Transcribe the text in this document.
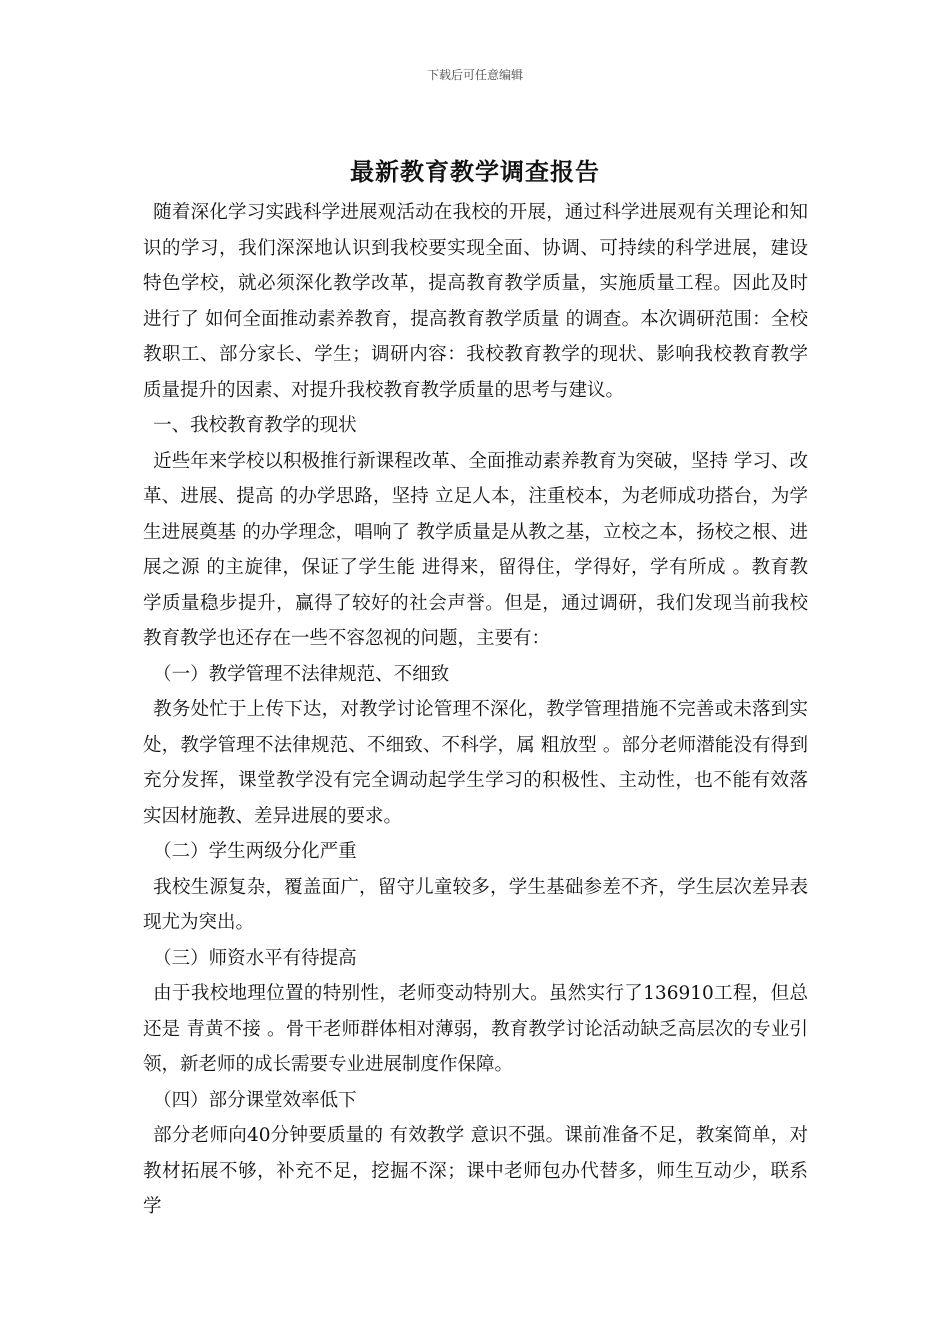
下载后可任意编辑
最新教育教学调查报告

随着深化学习实践科学进展观活动在我校的开展，通过科学进展观有关理论和知识的学习，我们深深地认识到我校要实现全面、协调、可持续的科学进展，建设特色学校，就必须深化教学改革，提高教育教学质量，实施质量工程。因此及时进行了 如何全面推动素养教育，提高教育教学质量 的调查。本次调研范围：全校教职工、部分家长、学生；调研内容：我校教育教学的现状、影响我校教育教学质量提升的因素、对提升我校教育教学质量的思考与建议。

一、我校教育教学的现状

近些年来学校以积极推行新课程改革、全面推动素养教育为突破，坚持 学习、改革、进展、提高 的办学思路，坚持 立足人本，注重校本，为老师成功搭台，为学生进展奠基 的办学理念，唱响了 教学质量是从教之基，立校之本，扬校之根、进展之源 的主旋律，保证了学生能 进得来，留得住，学得好，学有所成 。教育教学质量稳步提升，赢得了较好的社会声誉。但是，通过调研，我们发现当前我校教育教学也还存在一些不容忽视的问题，主要有：

（一）教学管理不法律规范、不细致

教务处忙于上传下达，对教学讨论管理不深化，教学管理措施不完善或未落到实处，教学管理不法律规范、不细致、不科学，属 粗放型 。部分老师潜能没有得到充分发挥，课堂教学没有完全调动起学生学习的积极性、主动性，也不能有效落实因材施教、差异进展的要求。

（二）学生两级分化严重

我校生源复杂，覆盖面广，留守儿童较多，学生基础参差不齐，学生层次差异表现尤为突出。

（三）师资水平有待提高

由于我校地理位置的特别性，老师变动特别大。虽然实行了136910工程，但总还是 青黄不接 。骨干老师群体相对薄弱，教育教学讨论活动缺乏高层次的专业引领，新老师的成长需要专业进展制度作保障。

（四）部分课堂效率低下

部分老师向40分钟要质量的 有效教学 意识不强。课前准备不足，教案简单，对教材拓展不够，补充不足，挖掘不深；课中老师包办代替多，师生互动少，联系学
